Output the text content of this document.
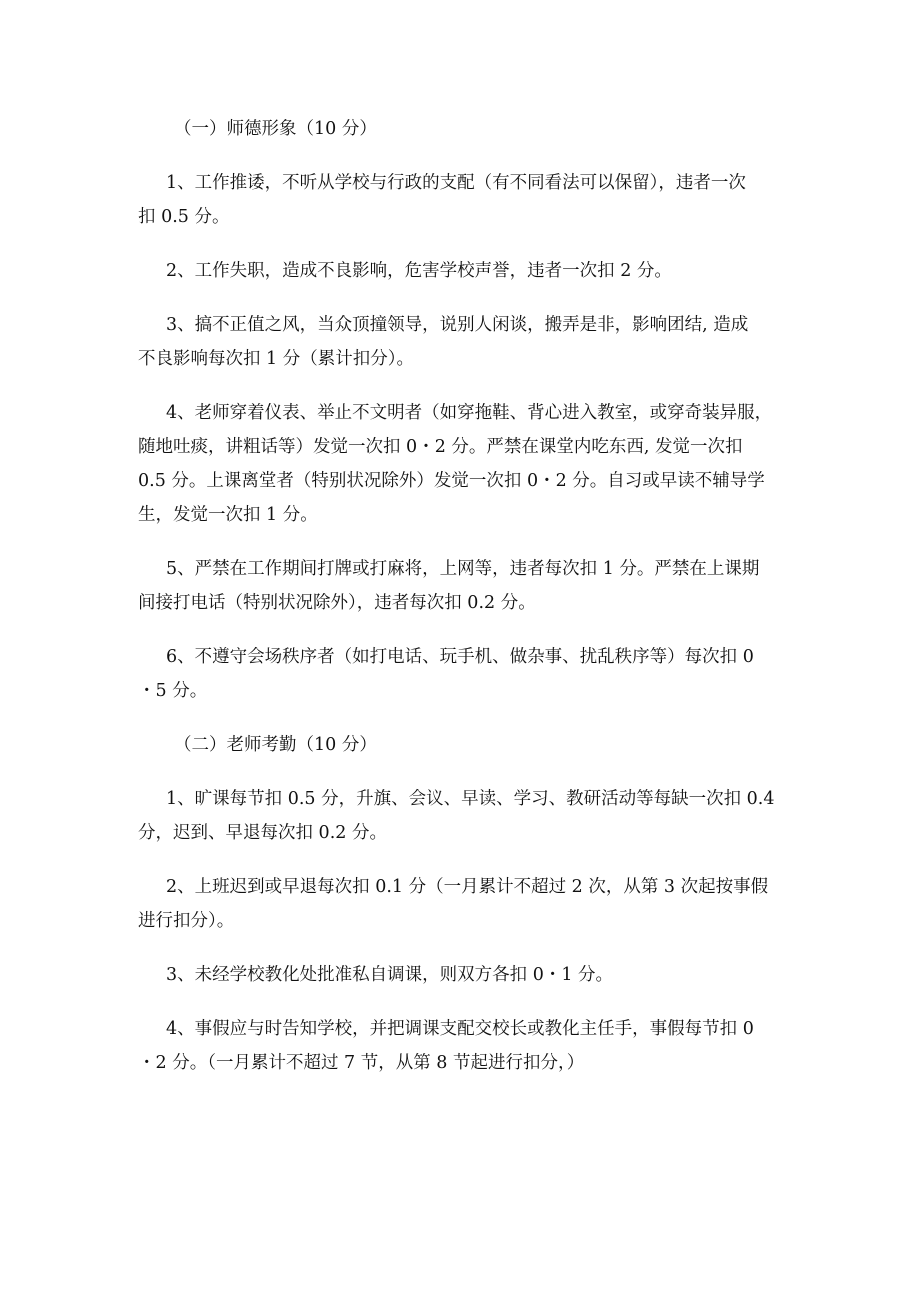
（一）师德形象（10 分）

1、工作推诿，不听从学校与行政的支配（有不同看法可以保留），违者一次

扣 0.5 分。

2、工作失职，造成不良影响，危害学校声誉，违者一次扣 2 分。

3、搞不正值之风，当众顶撞领导，说别人闲谈，搬弄是非，影响团结, 造成

不良影响每次扣 1 分（累计扣分）。

4、老师穿着仪表、举止不文明者（如穿拖鞋、背心进入教室，或穿奇装异服，

随地吐痰，讲粗话等）发觉一次扣 0・2 分。严禁在课堂内吃东西, 发觉一次扣

0.5 分。上课离堂者（特别状况除外）发觉一次扣 0・2 分。自习或早读不辅导学

生，发觉一次扣 1 分。

5、严禁在工作期间打牌或打麻将，上网等，违者每次扣 1 分。严禁在上课期

间接打电话（特别状况除外），违者每次扣 0.2 分。

6、不遵守会场秩序者（如打电话、玩手机、做杂事、扰乱秩序等）每次扣 0

・5 分。

（二）老师考勤（10 分）

1、旷课每节扣 0.5 分，升旗、会议、早读、学习、教研活动等每缺一次扣 0.4

分，迟到、早退每次扣 0.2 分。

2、上班迟到或早退每次扣 0.1 分（一月累计不超过 2 次，从第 3 次起按事假

进行扣分）。

3、未经学校教化处批准私自调课，则双方各扣 0・1 分。

4、事假应与时告知学校，并把调课支配交校长或教化主任手，事假每节扣 0

・2 分。（一月累计不超过 7 节，从第 8 节起进行扣分，）
